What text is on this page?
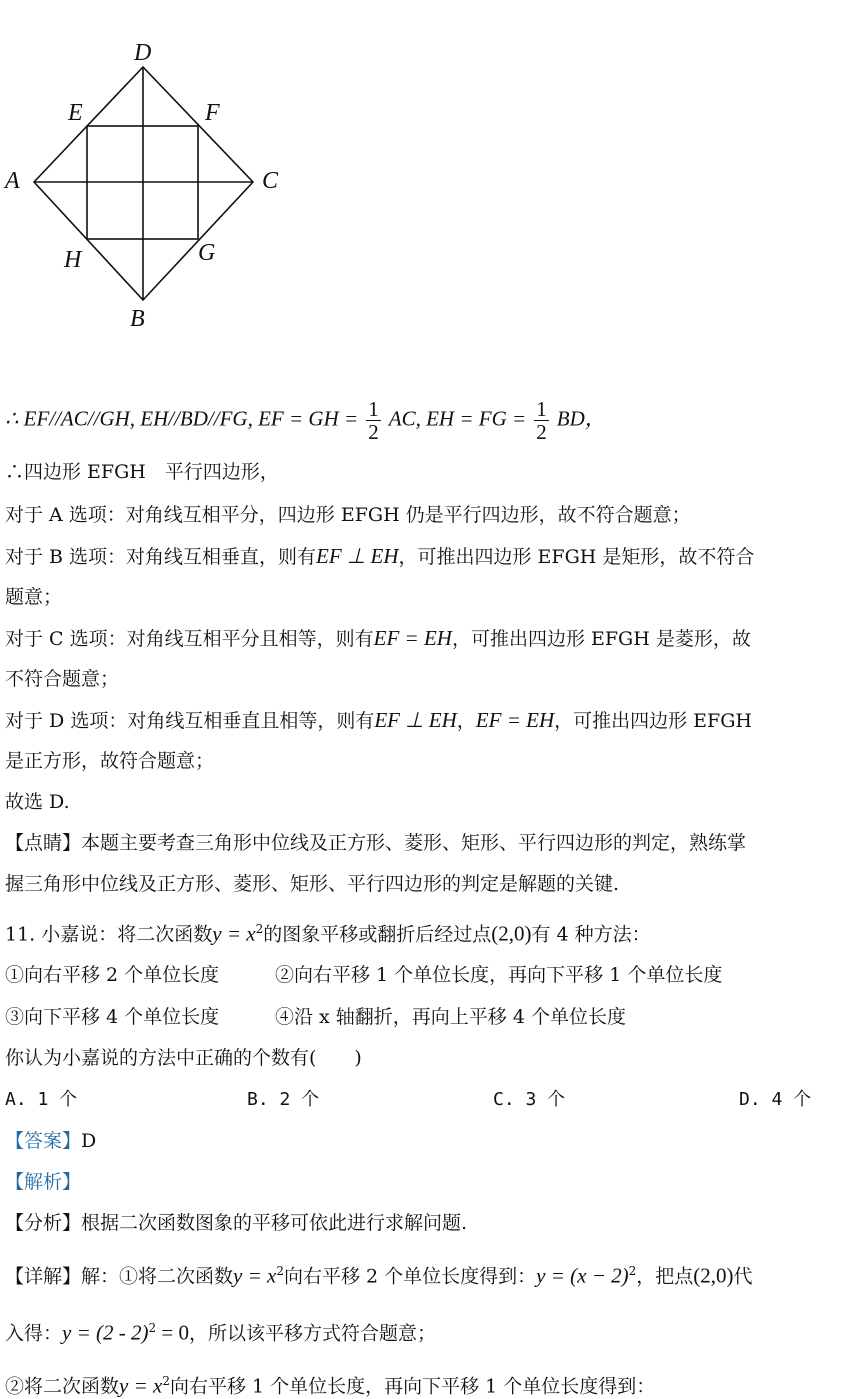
D
E	F
A	C
H	G
B
∴ EF//AC//GH, EH//BD//FG, EF = GH = $\frac{1}{2}$ AC, EH = FG = $\frac{1}{2}$ BD，
∴四边形 EFGH　 平行四边形，
对于 A 选项：对角线互相平分，四边形 EFGH 仍是平行四边形，故不符合题意；
对于 B 选项：对角线互相垂直，则有EF ⊥ EH，可推出四边形 EFGH 是矩形，故不符合
题意；
对于 C 选项：对角线互相平分且相等，则有EF = EH，可推出四边形 EFGH 是菱形，故
不符合题意；
对于 D 选项：对角线互相垂直且相等，则有EF ⊥ EH，EF = EH，可推出四边形 EFGH
是正方形，故符合题意；
故选 D.
【点睛】本题主要考查三角形中位线及正方形、菱形、矩形、平行四边形的判定，熟练掌
握三角形中位线及正方形、菱形、矩形、平行四边形的判定是解题的关键.
11. 小嘉说：将二次函数$y = x^2$的图象平移或翻折后经过点(2,0)有 4 种方法：
①向右平移 2 个单位长度	②向右平移 1 个单位长度，再向下平移 1 个单位长度
③向下平移 4 个单位长度	④沿 x 轴翻折，再向上平移 4 个单位长度
你认为小嘉说的方法中正确的个数有(　　)
A. 1 个	B. 2 个	C. 3 个	D. 4 个
【答案】D
【解析】
【分析】根据二次函数图象的平移可依此进行求解问题.
【详解】解：①将二次函数$y = x^2$向右平移 2 个单位长度得到：$y = (x - 2)^2$，把点(2,0)代
入得：y = (2 - 2)$^2$ = 0，所以该平移方式符合题意；
②将二次函数$y = x^2$向右平移 1 个单位长度，再向下平移 1 个单位长度得到：
